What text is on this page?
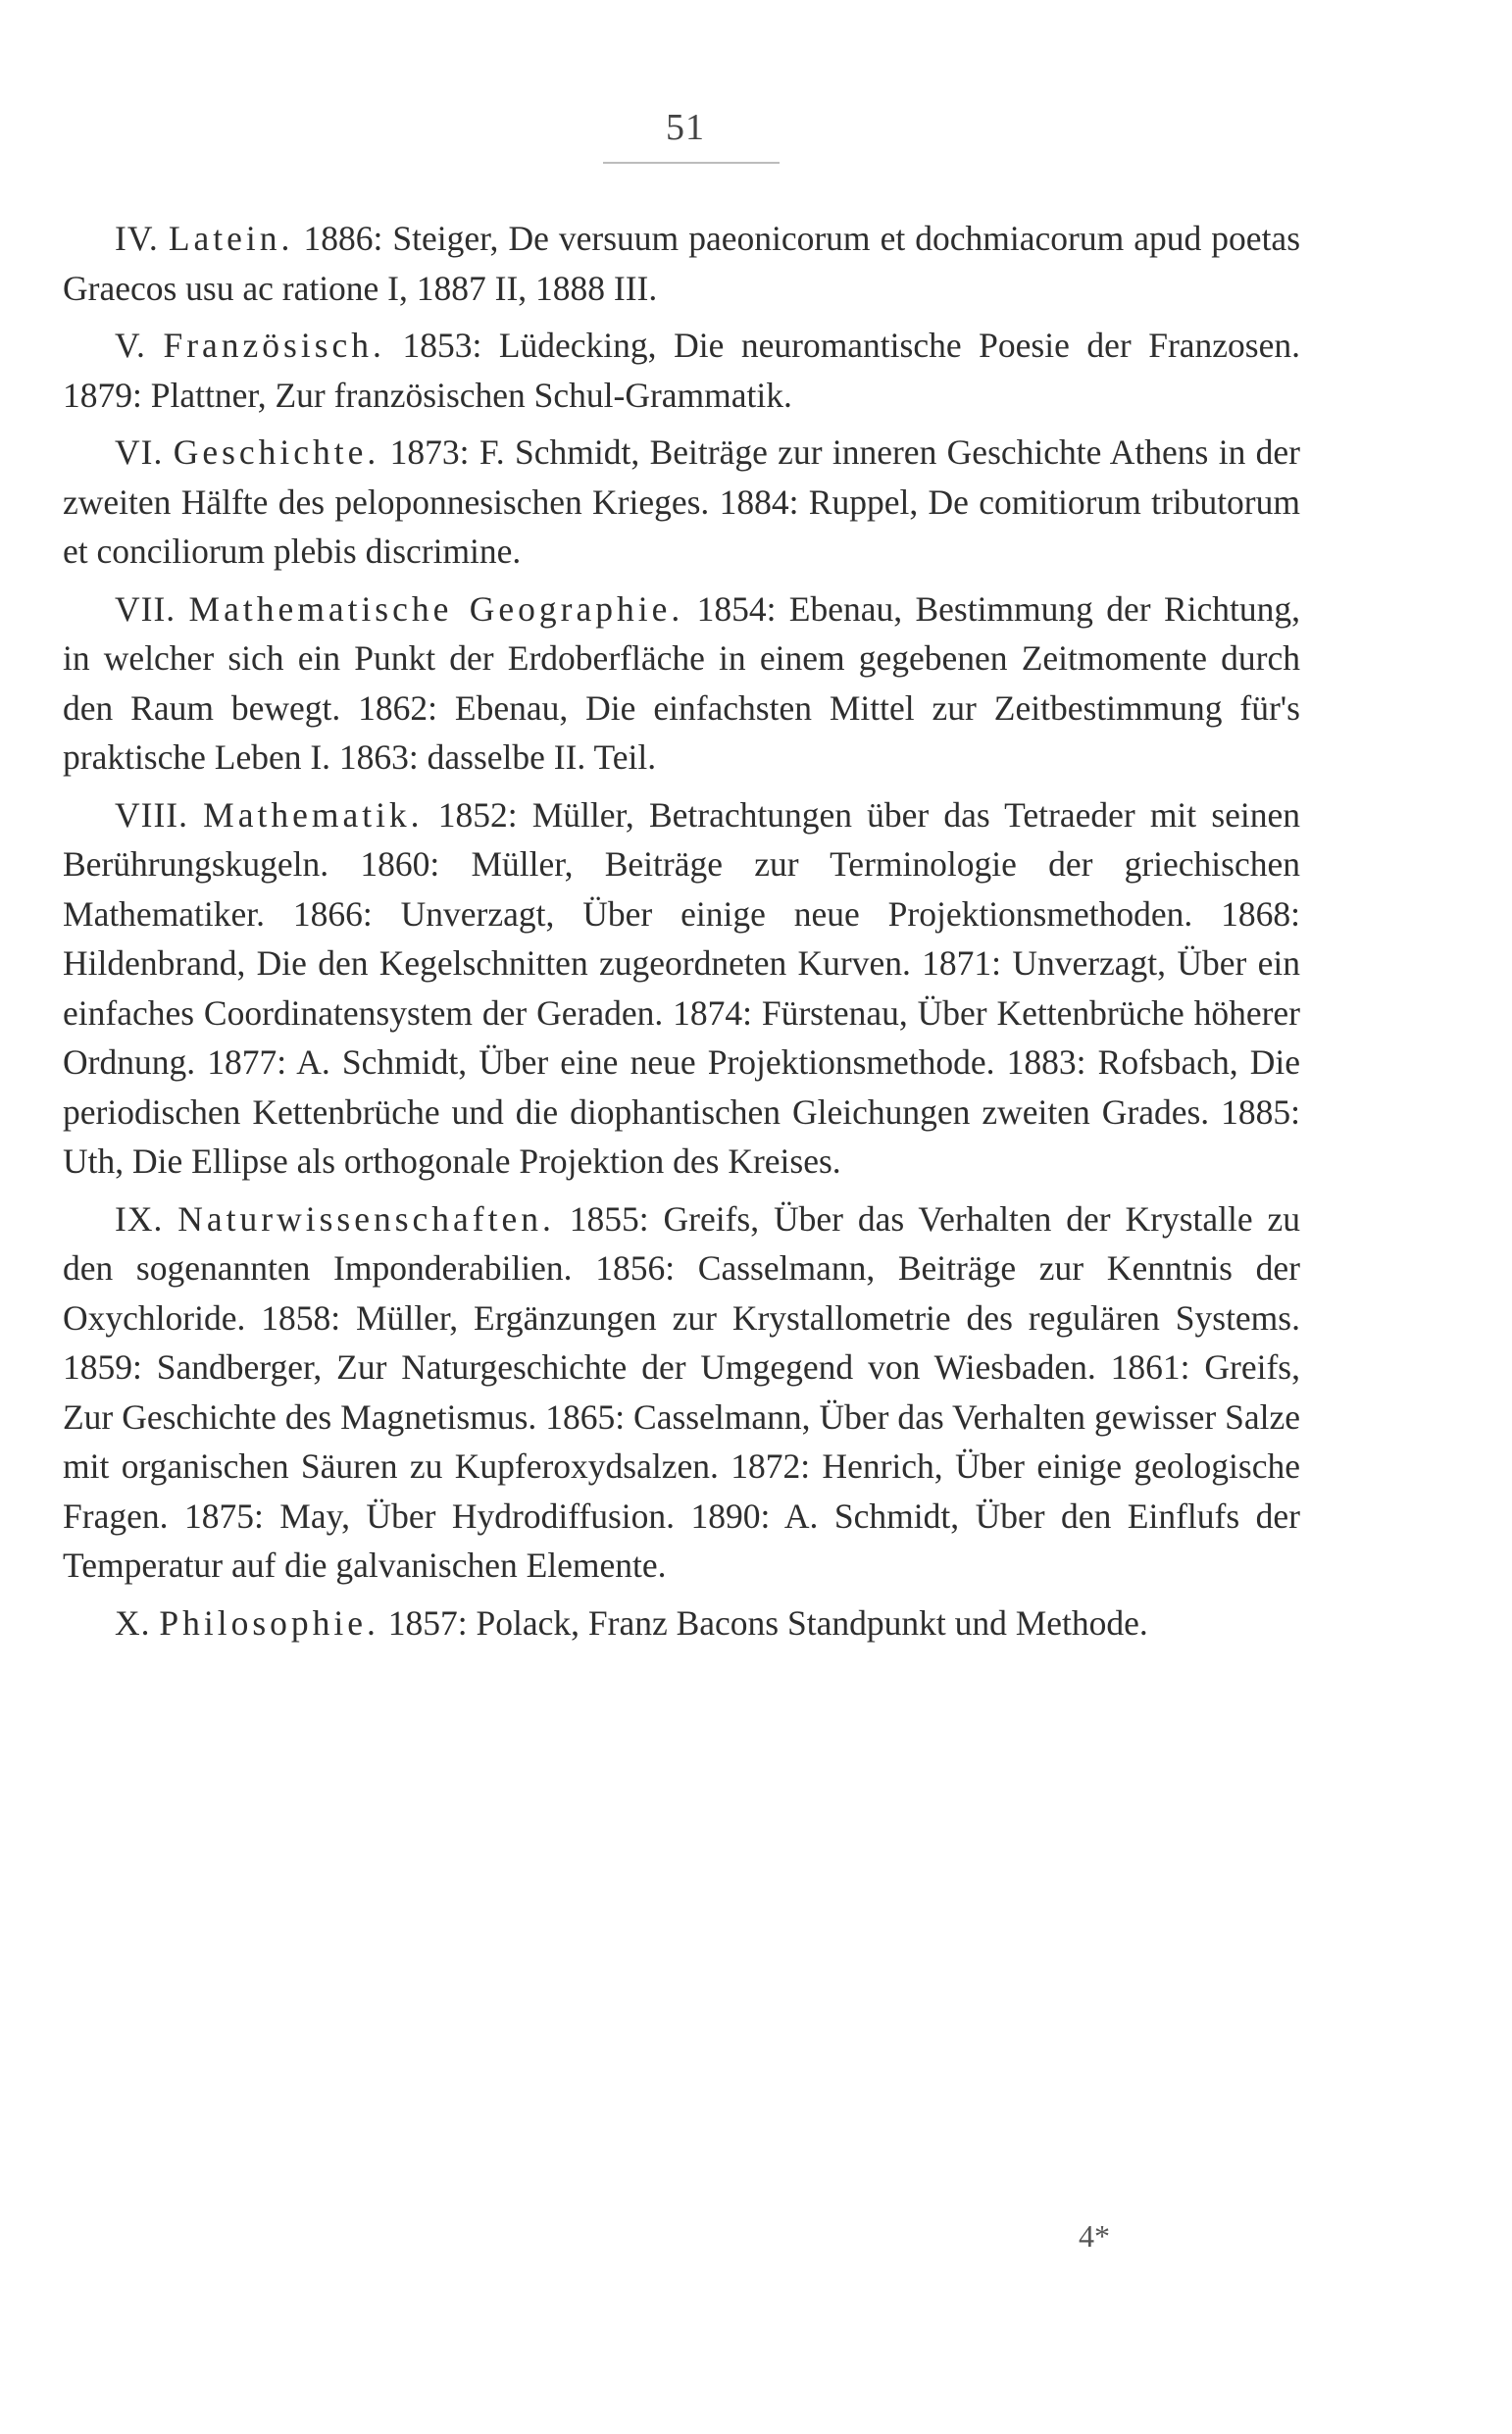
51

IV. Latein. 1886: Steiger, De versuum paeonicorum et dochmiacorum apud poetas Graecos usu ac ratione I, 1887 II, 1888 III.

V. Französisch. 1853: Lüdecking, Die neuromantische Poesie der Franzosen. 1879: Plattner, Zur französischen Schul-Grammatik.

VI. Geschichte. 1873: F. Schmidt, Beiträge zur inneren Geschichte Athens in der zweiten Hälfte des peloponnesischen Krieges. 1884: Ruppel, De comitiorum tributorum et conciliorum plebis discrimine.

VII. Mathematische Geographie. 1854: Ebenau, Bestimmung der Richtung, in welcher sich ein Punkt der Erdoberfläche in einem gegebenen Zeitmomente durch den Raum bewegt. 1862: Ebenau, Die einfachsten Mittel zur Zeitbestimmung für's praktische Leben I. 1863: dasselbe II. Teil.

VIII. Mathematik. 1852: Müller, Betrachtungen über das Tetraeder mit seinen Berührungskugeln. 1860: Müller, Beiträge zur Terminologie der griechischen Mathematiker. 1866: Unverzagt, Über einige neue Projektionsmethoden. 1868: Hildenbrand, Die den Kegelschnitten zugeordneten Kurven. 1871: Unverzagt, Über ein einfaches Coordinatensystem der Geraden. 1874: Fürstenau, Über Kettenbrüche höherer Ordnung. 1877: A. Schmidt, Über eine neue Projektionsmethode. 1883: Rofsbach, Die periodischen Kettenbrüche und die diophantischen Gleichungen zweiten Grades. 1885: Uth, Die Ellipse als orthogonale Projektion des Kreises.

IX. Naturwissenschaften. 1855: Greifs, Über das Verhalten der Krystalle zu den sogenannten Imponderabilien. 1856: Casselmann, Beiträge zur Kenntnis der Oxychloride. 1858: Müller, Ergänzungen zur Krystallometrie des regulären Systems. 1859: Sandberger, Zur Naturgeschichte der Umgegend von Wiesbaden. 1861: Greifs, Zur Geschichte des Magnetismus. 1865: Casselmann, Über das Verhalten gewisser Salze mit organischen Säuren zu Kupferoxydsalzen. 1872: Henrich, Über einige geologische Fragen. 1875: May, Über Hydrodiffusion. 1890: A. Schmidt, Über den Einflufs der Temperatur auf die galvanischen Elemente.

X. Philosophie. 1857: Polack, Franz Bacons Standpunkt und Methode.

4*
